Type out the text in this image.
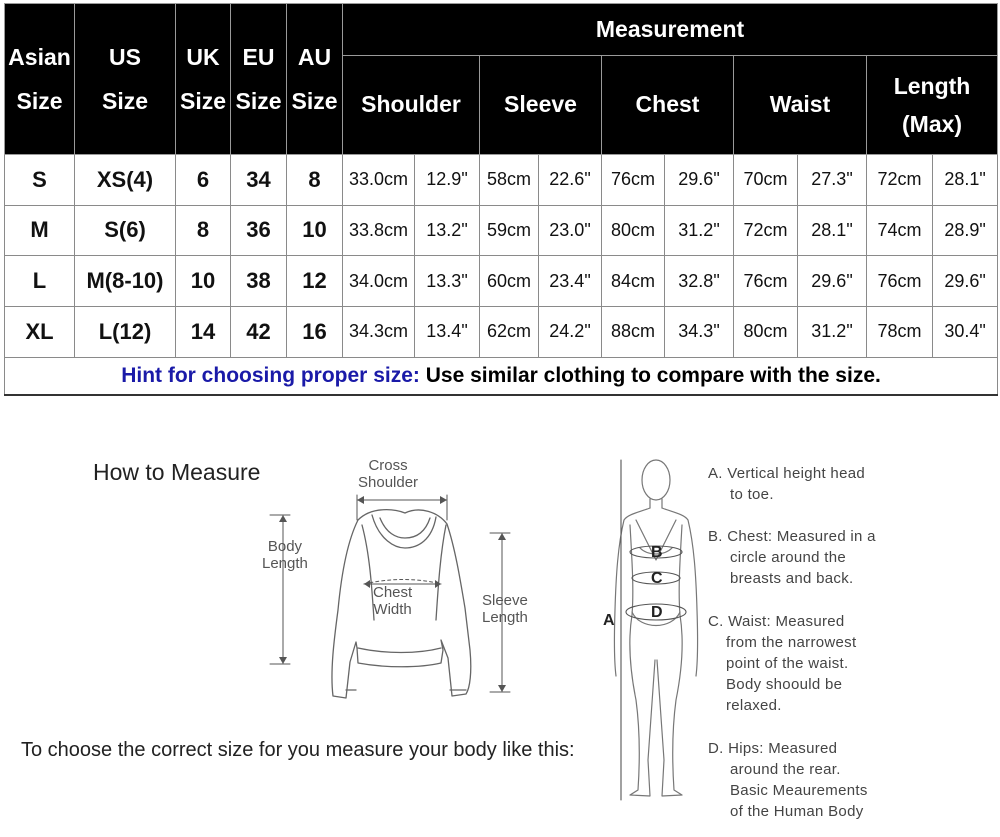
Asian
Size	US
Size	UK
Size	EU
Size	AU
Size	Measurement									
					Shoulder		Sleeve		Chest		Waist		Length
(Max)	

S	XS(4)	6	34	8	33.0cm	12.9"	58cm	22.6"	76cm	29.6"	70cm	27.3"	72cm	28.1"
M	S(6)	8	36	10	33.8cm	13.2"	59cm	23.0"	80cm	31.2"	72cm	28.1"	74cm	28.9"
L	M(8-10)	10	38	12	34.0cm	13.3"	60cm	23.4"	84cm	32.8"	76cm	29.6"	76cm	29.6"
XL	L(12)	14	42	16	34.3cm	13.4"	62cm	24.2"	88cm	34.3"	80cm	31.2"	78cm	30.4"
Hint for choosing proper size: Use similar clothing to compare with the size.														
How to Measure	Cross
Shoulder
Body
Length
Chest
Width
Sleeve
Length	A
B
C
D
To choose the correct size for you measure your body like this:
A. Vertical height head
to toe.
B. Chest: Measured in a
circle around the
breasts and back.
C. Waist: Measured
from the narrowest
point of the waist.
Body shoould be
relaxed.
D. Hips: Measured
around the rear.
Basic Meaurements
of the Human Body
